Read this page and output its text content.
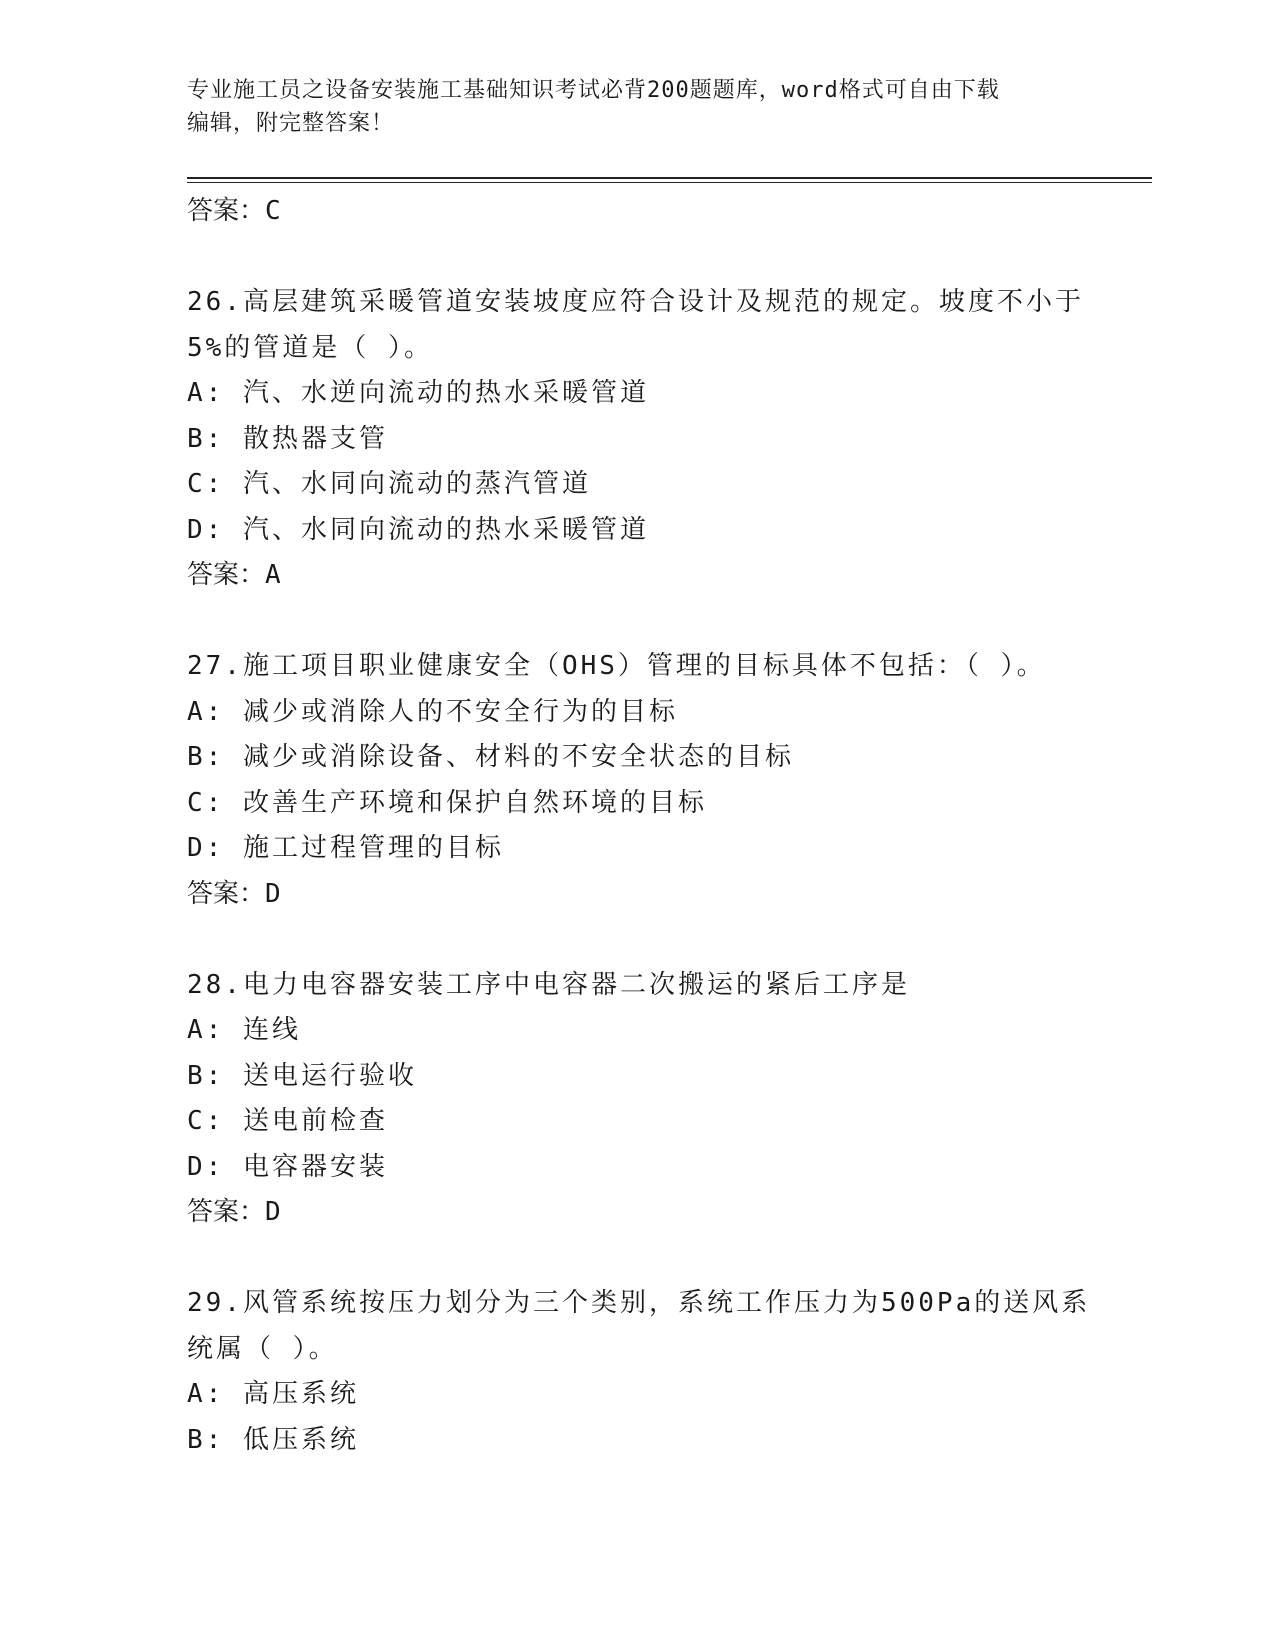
专业施工员之设备安装施工基础知识考试必背200题题库，word格式可自由下载
编辑，附完整答案！
答案：C
26.高层建筑采暖管道安装坡度应符合设计及规范的规定。坡度不小于
5%的管道是（ ）。
A: 汽、水逆向流动的热水采暖管道
B: 散热器支管
C: 汽、水同向流动的蒸汽管道
D: 汽、水同向流动的热水采暖管道
答案：A
27.施工项目职业健康安全（OHS）管理的目标具体不包括：（ ）。
A: 减少或消除人的不安全行为的目标
B: 减少或消除设备、材料的不安全状态的目标
C: 改善生产环境和保护自然环境的目标
D: 施工过程管理的目标
答案：D
28.电力电容器安装工序中电容器二次搬运的紧后工序是
A: 连线
B: 送电运行验收
C: 送电前检查
D: 电容器安装
答案：D
29.风管系统按压力划分为三个类别，系统工作压力为500Pa的送风系
统属（ ）。
A: 高压系统
B: 低压系统
